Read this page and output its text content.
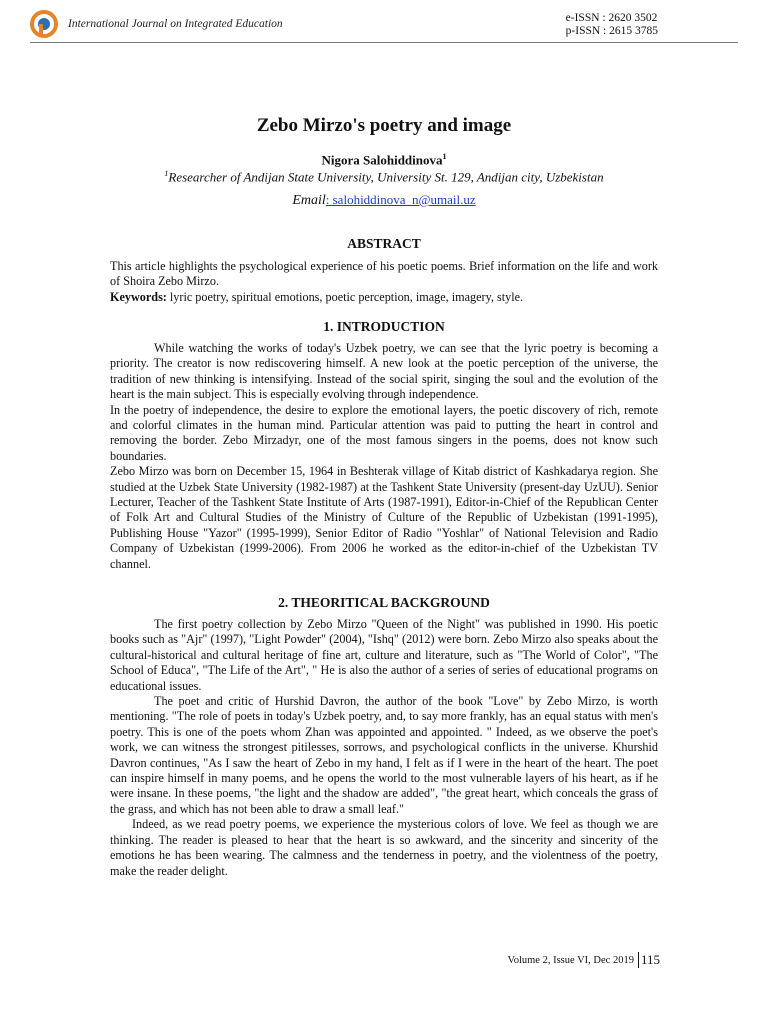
International Journal on Integrated Education	e-ISSN : 2620 3502
p-ISSN : 2615 3785
Zebo Mirzo's poetry and image
Nigora Salohiddinova$^1$
$^1$Researcher of Andijan State University, University St. 129, Andijan city, Uzbekistan
Email: salohiddinova_n@umail.uz
ABSTRACT

This article highlights the psychological experience of his poetic poems. Brief information on the life and work of Shoira Zebo Mirzo.

Keywords: lyric poetry, spiritual emotions, poetic perception, image, imagery, style.

1. INTRODUCTION

While watching the works of today's Uzbek poetry, we can see that the lyric poetry is becoming a priority. The creator is now rediscovering himself. A new look at the poetic perception of the universe, the tradition of new thinking is intensifying. Instead of the social spirit, singing the soul and the evolution of the heart is the main subject. This is especially evolving through independence.

In the poetry of independence, the desire to explore the emotional layers, the poetic discovery of rich, remote and colorful climates in the human mind. Particular attention was paid to putting the heart in control and removing the border. Zebo Mirzadyr, one of the most famous singers in the poems, does not know such boundaries.

Zebo Mirzo was born on December 15, 1964 in Beshterak village of Kitab district of Kashkadarya region. She studied at the Uzbek State University (1982-1987) at the Tashkent State University (present-day UzUU). Senior Lecturer, Teacher of the Tashkent State Institute of Arts (1987-1991), Editor-in-Chief of the Republican Center of Folk Art and Cultural Studies of the Ministry of Culture of the Republic of Uzbekistan (1991-1995), Publishing House "Yazor" (1995-1999), Senior Editor of Radio "Yoshlar" of National Television and Radio Company of Uzbekistan (1999-2006). From 2006 he worked as the editor-in-chief of the Uzbekistan TV channel.

2. THEORITICAL BACKGROUND

The first poetry collection by Zebo Mirzo "Queen of the Night" was published in 1990. His poetic books such as "Ajr" (1997), "Light Powder" (2004), "Ishq" (2012) were born. Zebo Mirzo also speaks about the cultural-historical and cultural heritage of fine art, culture and literature, such as "The World of Color", "The School of Educa", "The Life of the Art", " He is also the author of a series of series of educational programs on educational issues.

The poet and critic of Hurshid Davron, the author of the book "Love" by Zebo Mirzo, is worth mentioning. "The role of poets in today's Uzbek poetry, and, to say more frankly, has an equal status with men's poetry. This is one of the poets whom Zhan was appointed and appointed. " Indeed, as we observe the poet's work, we can witness the strongest pitilesses, sorrows, and psychological conflicts in the universe. Khurshid Davron continues, "As I saw the heart of Zebo in my hand, I felt as if I were in the heart of the heart. The poet can inspire himself in many poems, and he opens the world to the most vulnerable layers of his heart, as if he were insane. In these poems, "the light and the shadow are added", "the great heart, which conceals the grass of the grass, and which has not been able to draw a small leaf."

Indeed, as we read poetry poems, we experience the mysterious colors of love. We feel as though we are thinking. The reader is pleased to hear that the heart is so awkward, and the sincerity and sincerity of the emotions he has been wearing. The calmness and the tenderness in poetry, and the violentness of the poetry, make the reader delight.

Volume 2, Issue VI, Dec 2019 115
